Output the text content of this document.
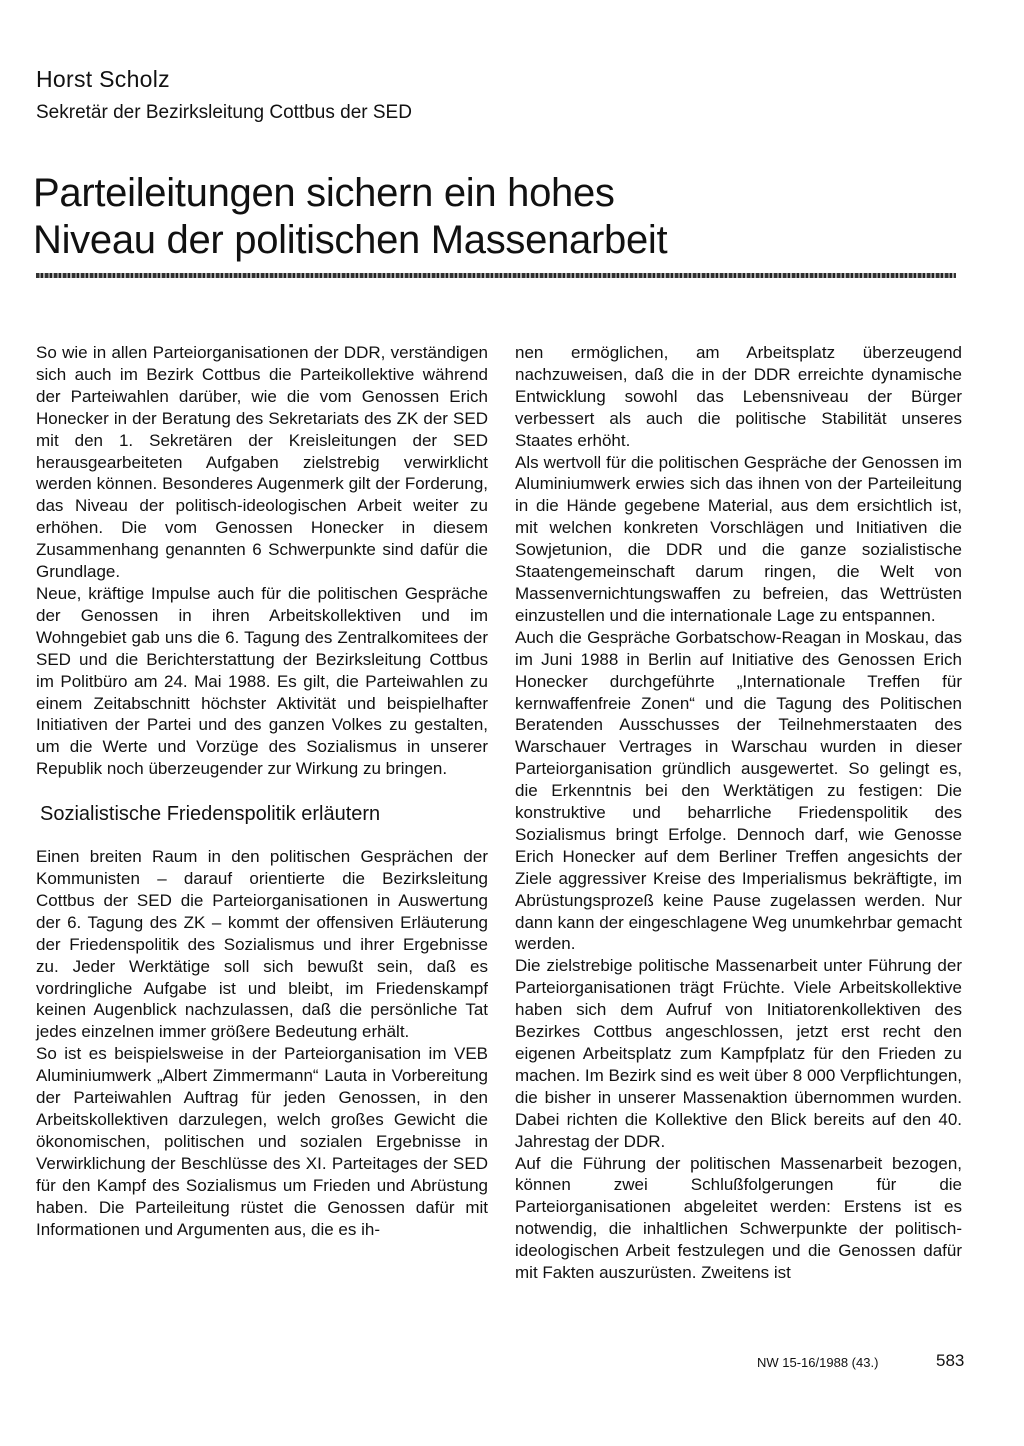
Horst Scholz
Sekretär der Bezirksleitung Cottbus der SED
Parteileitungen sichern ein hohes
Niveau der politischen Massenarbeit

So wie in allen Parteiorganisationen der DDR, verständigen sich auch im Bezirk Cottbus die Parteikollektive während der Parteiwahlen darüber, wie die vom Genossen Erich Honecker in der Beratung des Sekretariats des ZK der SED mit den 1. Sekretären der Kreisleitungen der SED herausgearbeiteten Aufgaben zielstrebig verwirklicht werden können. Besonderes Augenmerk gilt der Forderung, das Niveau der politisch-ideologischen Arbeit weiter zu erhöhen. Die vom Genossen Honecker in diesem Zusammenhang genannten 6 Schwerpunkte sind dafür die Grundlage.

Neue, kräftige Impulse auch für die politischen Gespräche der Genossen in ihren Arbeitskollektiven und im Wohngebiet gab uns die 6. Tagung des Zentralkomitees der SED und die Berichterstattung der Bezirksleitung Cottbus im Politbüro am 24. Mai 1988. Es gilt, die Parteiwahlen zu einem Zeitabschnitt höchster Aktivität und beispielhafter Initiativen der Partei und des ganzen Volkes zu gestalten, um die Werte und Vorzüge des Sozialismus in unserer Republik noch überzeugender zur Wirkung zu bringen.

Sozialistische Friedenspolitik erläutern

Einen breiten Raum in den politischen Gesprächen der Kommunisten – darauf orientierte die Bezirksleitung Cottbus der SED die Parteiorganisationen in Auswertung der 6. Tagung des ZK – kommt der offensiven Erläuterung der Friedenspolitik des Sozialismus und ihrer Ergebnisse zu. Jeder Werktätige soll sich bewußt sein, daß es vordringliche Aufgabe ist und bleibt, im Friedenskampf keinen Augenblick nachzulassen, daß die persönliche Tat jedes einzelnen immer größere Bedeutung erhält.

So ist es beispielsweise in der Parteiorganisation im VEB Aluminiumwerk „Albert Zimmermann“ Lauta in Vorbereitung der Parteiwahlen Auftrag für jeden Genossen, in den Arbeitskollektiven darzulegen, welch großes Gewicht die ökonomischen, politischen und sozialen Ergebnisse in Verwirklichung der Beschlüsse des XI. Parteitages der SED für den Kampf des Sozialismus um Frieden und Abrüstung haben. Die Parteileitung rüstet die Genossen dafür mit Informationen und Argumenten aus, die es ih-

nen ermöglichen, am Arbeitsplatz überzeugend nachzuweisen, daß die in der DDR erreichte dynamische Entwicklung sowohl das Lebensniveau der Bürger verbessert als auch die politische Stabilität unseres Staates erhöht.

Als wertvoll für die politischen Gespräche der Genossen im Aluminiumwerk erwies sich das ihnen von der Parteileitung in die Hände gegebene Material, aus dem ersichtlich ist, mit welchen konkreten Vorschlägen und Initiativen die Sowjetunion, die DDR und die ganze sozialistische Staatengemeinschaft darum ringen, die Welt von Massenvernichtungswaffen zu befreien, das Wettrüsten einzustellen und die internationale Lage zu entspannen.

Auch die Gespräche Gorbatschow-Reagan in Moskau, das im Juni 1988 in Berlin auf Initiative des Genossen Erich Honecker durchgeführte „Internationale Treffen für kernwaffenfreie Zonen“ und die Tagung des Politischen Beratenden Ausschusses der Teilnehmerstaaten des Warschauer Vertrages in Warschau wurden in dieser Parteiorganisation gründlich ausgewertet. So gelingt es, die Erkenntnis bei den Werktätigen zu festigen: Die konstruktive und beharrliche Friedenspolitik des Sozialismus bringt Erfolge. Dennoch darf, wie Genosse Erich Honecker auf dem Berliner Treffen angesichts der Ziele aggressiver Kreise des Imperialismus bekräftigte, im Abrüstungsprozeß keine Pause zugelassen werden. Nur dann kann der eingeschlagene Weg unumkehrbar gemacht werden.

Die zielstrebige politische Massenarbeit unter Führung der Parteiorganisationen trägt Früchte. Viele Arbeitskollektive haben sich dem Aufruf von Initiatorenkollektiven des Bezirkes Cottbus angeschlossen, jetzt erst recht den eigenen Arbeitsplatz zum Kampfplatz für den Frieden zu machen. Im Bezirk sind es weit über 8 000 Verpflichtungen, die bisher in unserer Massenaktion übernommen wurden. Dabei richten die Kollektive den Blick bereits auf den 40. Jahrestag der DDR.

Auf die Führung der politischen Massenarbeit bezogen, können zwei Schlußfolgerungen für die Parteiorganisationen abgeleitet werden: Erstens ist es notwendig, die inhaltlichen Schwerpunkte der politisch-ideologischen Arbeit festzulegen und die Genossen dafür mit Fakten auszurüsten. Zweitens ist

NW 15-16/1988 (43.)	583
